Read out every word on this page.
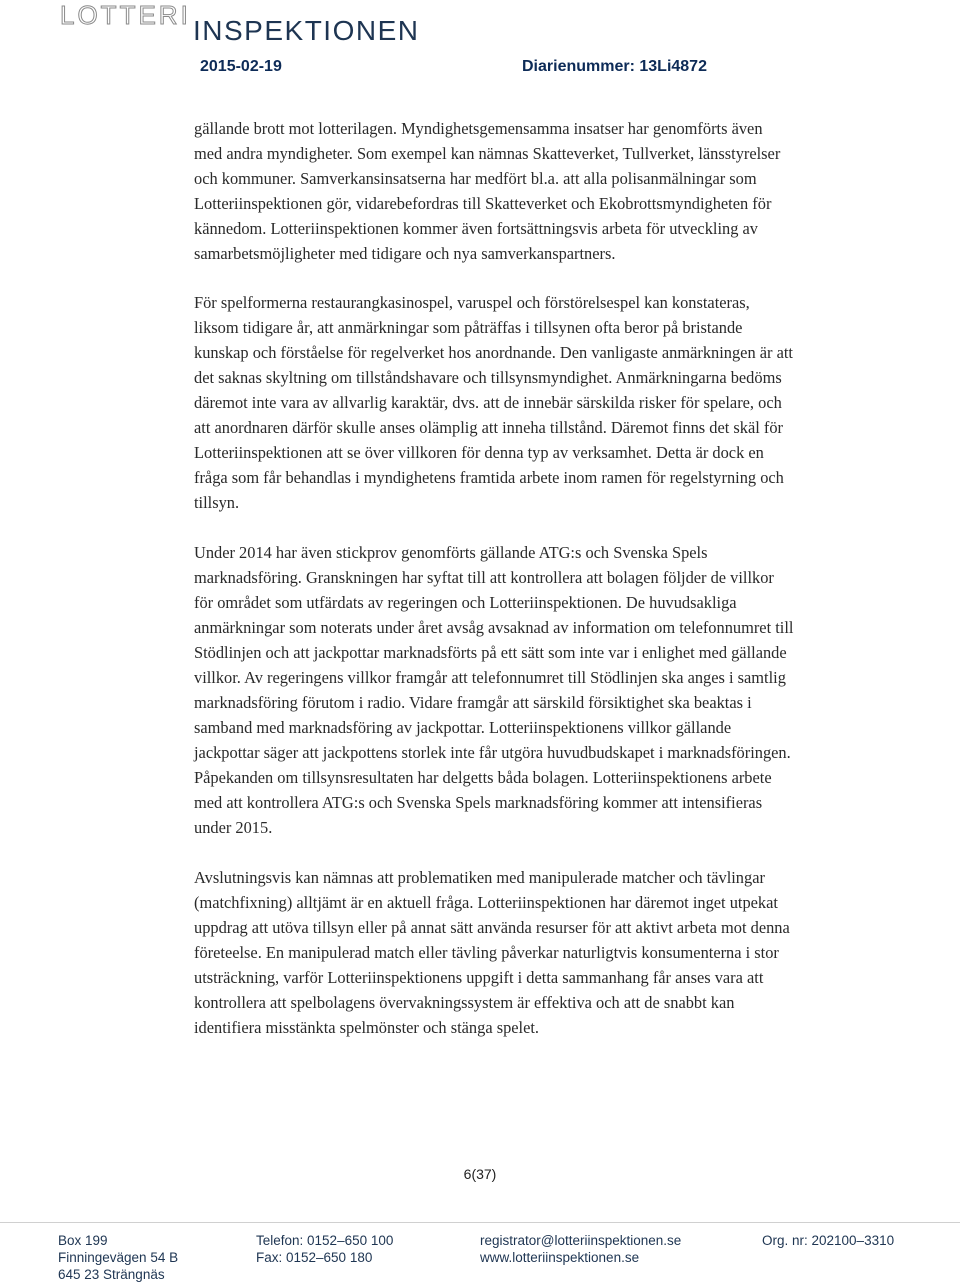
LOTTERI INSPEKTIONEN
2015-02-19	Diarienummer: 13Li4872

gällande brott mot lotterilagen. Myndighetsgemensamma insatser har genomförts även med andra myndigheter. Som exempel kan nämnas Skatteverket, Tullverket, länsstyrelser och kommuner. Samverkansinsatserna har medfört bl.a. att alla polisanmälningar som Lotteriinspektionen gör, vidarebefordras till Skatteverket och Ekobrottsmyndigheten för kännedom. Lotteriinspektionen kommer även fortsättningsvis arbeta för utveckling av samarbetsmöjligheter med tidigare och nya samverkanspartners.

För spelformerna restaurangkasinospel, varuspel och förstörelsespel kan konstateras, liksom tidigare år, att anmärkningar som påträffas i tillsynen ofta beror på bristande kunskap och förståelse för regelverket hos anordnande. Den vanligaste anmärkningen är att det saknas skyltning om tillståndshavare och tillsynsmyndighet. Anmärkningarna bedöms däremot inte vara av allvarlig karaktär, dvs. att de innebär särskilda risker för spelare, och att anordnaren därför skulle anses olämplig att inneha tillstånd. Däremot finns det skäl för Lotteriinspektionen att se över villkoren för denna typ av verksamhet. Detta är dock en fråga som får behandlas i myndighetens framtida arbete inom ramen för regelstyrning och tillsyn.

Under 2014 har även stickprov genomförts gällande ATG:s och Svenska Spels marknadsföring. Granskningen har syftat till att kontrollera att bolagen följder de villkor för området som utfärdats av regeringen och Lotteriinspektionen. De huvudsakliga anmärkningar som noterats under året avsåg avsaknad av information om telefonnumret till Stödlinjen och att jackpottar marknadsförts på ett sätt som inte var i enlighet med gällande villkor. Av regeringens villkor framgår att telefonnumret till Stödlinjen ska anges i samtlig marknadsföring förutom i radio. Vidare framgår att särskild försiktighet ska beaktas i samband med marknadsföring av jackpottar. Lotteriinspektionens villkor gällande jackpottar säger att jackpottens storlek inte får utgöra huvudbudskapet i marknadsföringen. Påpekanden om tillsynsresultaten har delgetts båda bolagen. Lotteriinspektionens arbete med att kontrollera ATG:s och Svenska Spels marknadsföring kommer att intensifieras under 2015.

Avslutningsvis kan nämnas att problematiken med manipulerade matcher och tävlingar (matchfixning) alltjämt är en aktuell fråga. Lotteriinspektionen har däremot inget utpekat uppdrag att utöva tillsyn eller på annat sätt använda resurser för att aktivt arbeta mot denna företeelse. En manipulerad match eller tävling påverkar naturligtvis konsumenterna i stor utsträckning, varför Lotteriinspektionens uppgift i detta sammanhang får anses vara att kontrollera att spelbolagens övervakningssystem är effektiva och att de snabbt kan identifiera misstänkta spelmönster och stänga spelet.

6(37)
Box 199
Finningevägen 54 B
645 23 Strängnäs
Telefon: 0152–650 100
Fax: 0152–650 180
registrator@lotteriinspektionen.se
www.lotteriinspektionen.se
Org. nr: 202100–3310
